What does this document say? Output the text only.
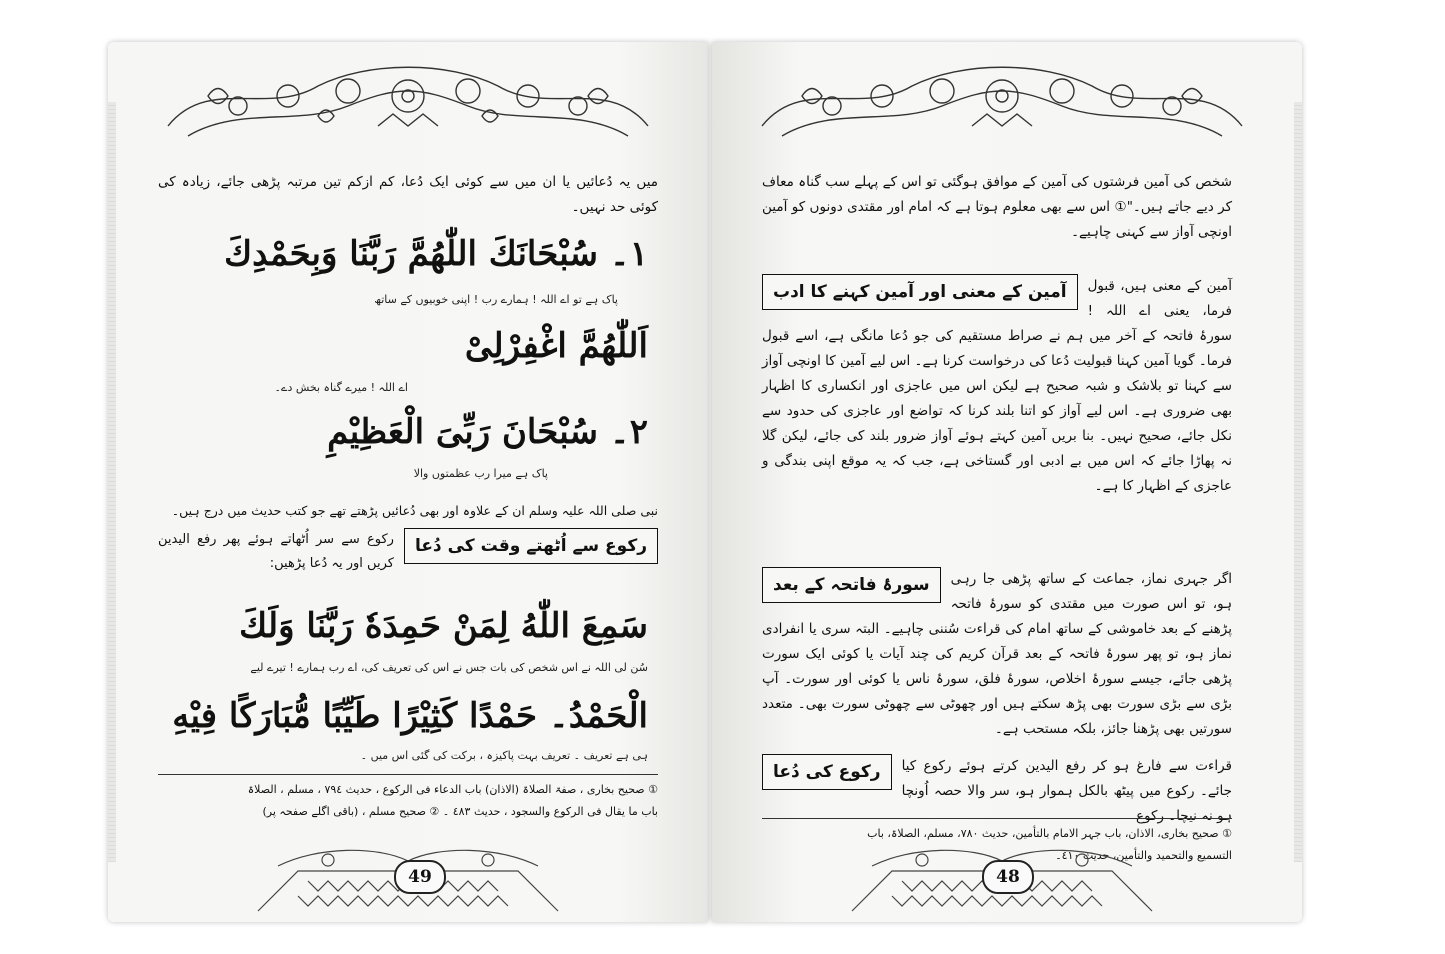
میں یہ دُعائیں یا ان میں سے کوئی ایک دُعا، کم ازکم تین مرتبہ پڑھی جائے، زیادہ کی کوئی حد نہیں۔
١۔ سُبْحَانَكَ اللّٰهُمَّ رَبَّنَا وَبِحَمْدِكَ
پاک ہے تو اے اللہ ! ہمارے رب ! اپنی خوبیوں کے ساتھ
اَللّٰهُمَّ اغْفِرْلِیْ
اے اللہ ! میرے گناہ بخش دے۔
٢۔ سُبْحَانَ رَبِّیَ الْعَظِیْمِ
پاک ہے میرا رب عظمتوں والا
نبی صلی اللہ علیہ وسلم ان کے علاوہ اور بھی دُعائیں پڑھتے تھے جو کتب حدیث میں درج ہیں۔
رکوع سے اُٹھتے وقت کی دُعا
رکوع سے سر اُٹھاتے ہوئے پھر رفع الیدین کریں اور یہ دُعا پڑھیں:
سَمِعَ اللّٰهُ لِمَنْ حَمِدَهٗ رَبَّنَا وَلَكَ
سُن لی اللہ نے اس شخص کی بات جس نے اس کی تعریف کی، اے رب ہمارے ! تیرے لیے
الْحَمْدُ۔ حَمْدًا كَثِيْرًا طَيِّبًا مُّبَارَكًا فِيْهِ
ہی ہے تعریف ۔ تعریف بہت پاکیزہ ، برکت کی گئی اس میں ۔

① صحیح بخاری ، صفۃ الصلاۃ (الاذان) باب الدعاء فی الرکوع ، حدیث ٧٩٤ ، مسلم ، الصلاۃ

باب ما یقال فی الرکوع والسجود ، حدیث ٤٨٣ ۔ ② صحیح مسلم ، (باقی اگلے صفحہ پر)

49
شخص کی آمین فرشتوں کی آمین کے موافق ہوگئی تو اس کے پہلے سب گناہ معاف کر دیے جاتے ہیں۔"① اس سے بھی معلوم ہوتا ہے کہ امام اور مقتدی دونوں کو آمین اونچی آواز سے کہنی چاہیے۔
آمین کے معنی اور آمین کہنے کا ادب	آمین کے معنی ہیں، قبول فرما، یعنی اے اللہ ! سورۂ فاتحہ کے آخر میں ہم نے صراط مستقیم کی جو دُعا مانگی ہے، اسے قبول فرما۔ گویا آمین کہنا قبولیت دُعا کی درخواست کرنا ہے۔ اس لیے آمین کا اونچی آواز سے کہنا تو بلاشک و شبہ صحیح ہے لیکن اس میں عاجزی اور انکساری کا اظہار بھی ضروری ہے۔ اس لیے آواز کو اتنا بلند کرنا کہ تواضع اور عاجزی کی حدود سے نکل جائے، صحیح نہیں۔ بنا بریں آمین کہتے ہوئے آواز ضرور بلند کی جائے، لیکن گلا نہ پھاڑا جائے کہ اس میں بے ادبی اور گستاخی ہے، جب کہ یہ موقع اپنی بندگی و عاجزی کے اظہار کا ہے۔
سورۂ فاتحہ کے بعد	اگر جہری نماز، جماعت کے ساتھ پڑھی جا رہی ہو، تو اس صورت میں مقتدی کو سورۂ فاتحہ پڑھنے کے بعد خاموشی کے ساتھ امام کی قراءت سُننی چاہیے۔ البتہ سری یا انفرادی نماز ہو، تو پھر سورۂ فاتحہ کے بعد قرآن کریم کی چند آیات یا کوئی ایک سورت پڑھی جائے، جیسے سورۂ اخلاص، سورۂ فلق، سورۂ ناس یا کوئی اور سورت۔ آپ بڑی سے بڑی سورت بھی پڑھ سکتے ہیں اور چھوٹی سے چھوٹی سورت بھی۔ متعدد سورتیں بھی پڑھنا جائز، بلکہ مستحب ہے۔
رکوع کی دُعا	قراءت سے فارغ ہو کر رفع الیدین کرتے ہوئے رکوع کیا جائے۔ رکوع میں پیٹھ بالکل ہموار ہو، سر والا حصہ اُونچا ہو نہ نیچا۔ رکوع

① صحیح بخاری، الاذان، باب جہر الامام بالتأمین، حدیث ٧٨٠، مسلم، الصلاۃ، باب

التسمیع والتحمید والتأمین، حدیث ٤١٠۔

48
